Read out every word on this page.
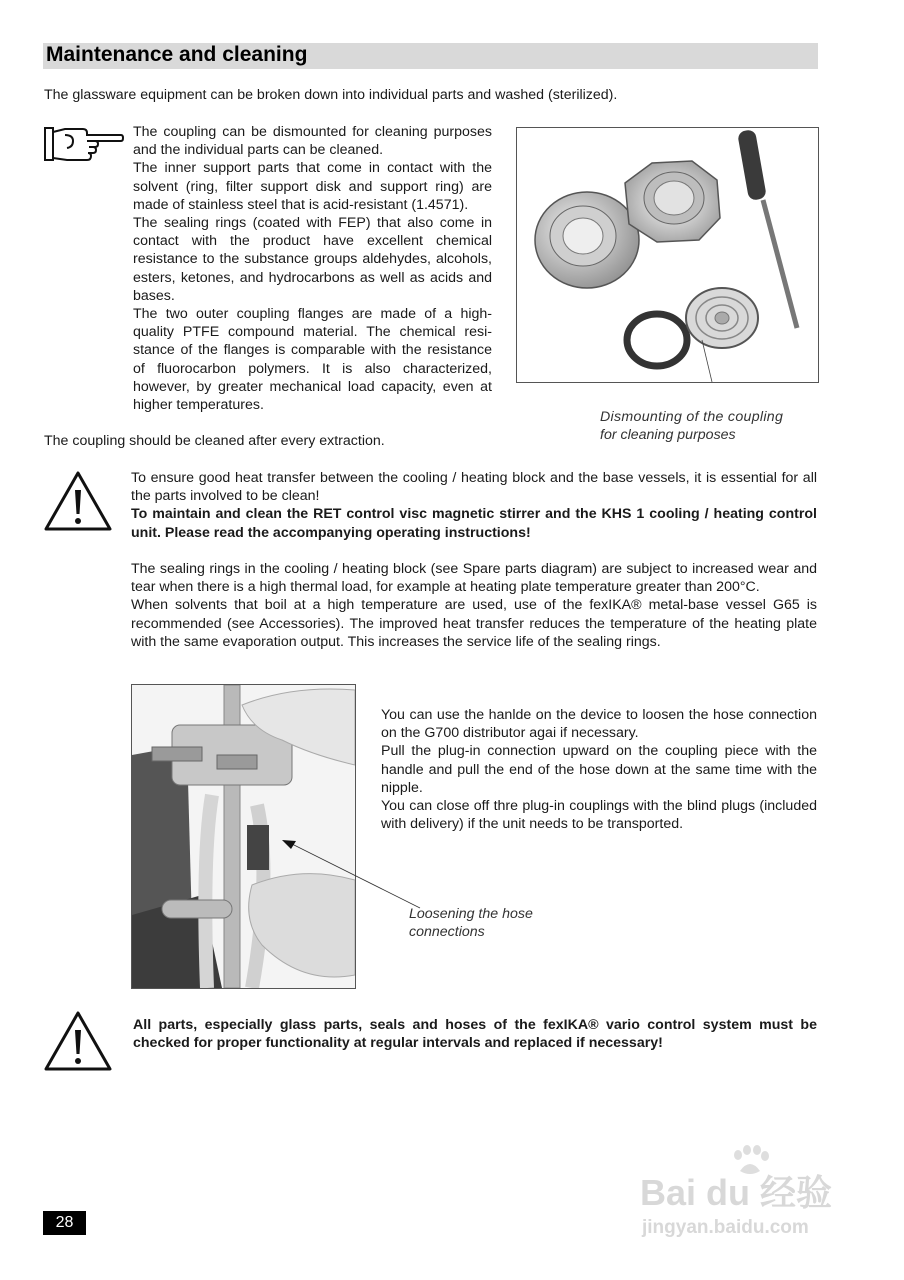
Maintenance and cleaning
The glassware equipment can be broken down into individual parts and washed (sterilized).

The coupling can be dismounted for cleaning purposes and the individual parts can be cleaned.

The inner support parts that come in contact with the solvent (ring, filter support disk and support ring) are made of stainless steel that is acid-resistant (1.4571).

The sealing rings (coated with FEP) that also come in contact with the product have excellent chemical resistance to the substance groups aldehydes, alcohols, esters, ketones, and hydrocarbons as well as acids and bases.

The two outer coupling flanges are made of a high-quality PTFE compound material. The chemical resistance of the flanges is comparable with the resistance of fluorocarbon polymers. It is also characterized, however, by greater mechanical load capacity, even at higher temperatures.

Dismounting of the coupling
for cleaning purposes
The coupling should be cleaned after every extraction.

To ensure good heat transfer between the cooling / heating block and the base vessels, it is essential for all the parts involved to be clean!

To maintain and clean the RET control visc magnetic stirrer and the KHS 1 cooling / heating control unit. Please read the accompanying operating instructions!

The sealing rings in the cooling / heating block (see Spare parts diagram) are subject to increased wear and tear when there is a high thermal load, for example at heating plate temperature greater than 200°C.

When solvents that boil at a high temperature are used, use of the fexIKA® metal-base vessel G65 is recommended (see Accessories). The improved heat transfer reduces the temperature of the heating plate with the same evaporation output. This increases the service life of the sealing rings.

You can use the hanlde on the device to loosen the hose connection on the G700 distributor agai if necessary.

Pull the plug-in connection upward on the coupling piece with the handle and pull the end of the hose down at the same time with the nipple.

You can close off thre plug-in couplings with the blind plugs (included with delivery) if the unit needs to be transported.

Loosening the hose
connections
All parts, especially glass parts, seals and hoses of the fexIKA® vario control system must be checked for proper functionality at regular intervals and replaced if necessary!
Bai du 经验
jingyan.baidu.com
28
